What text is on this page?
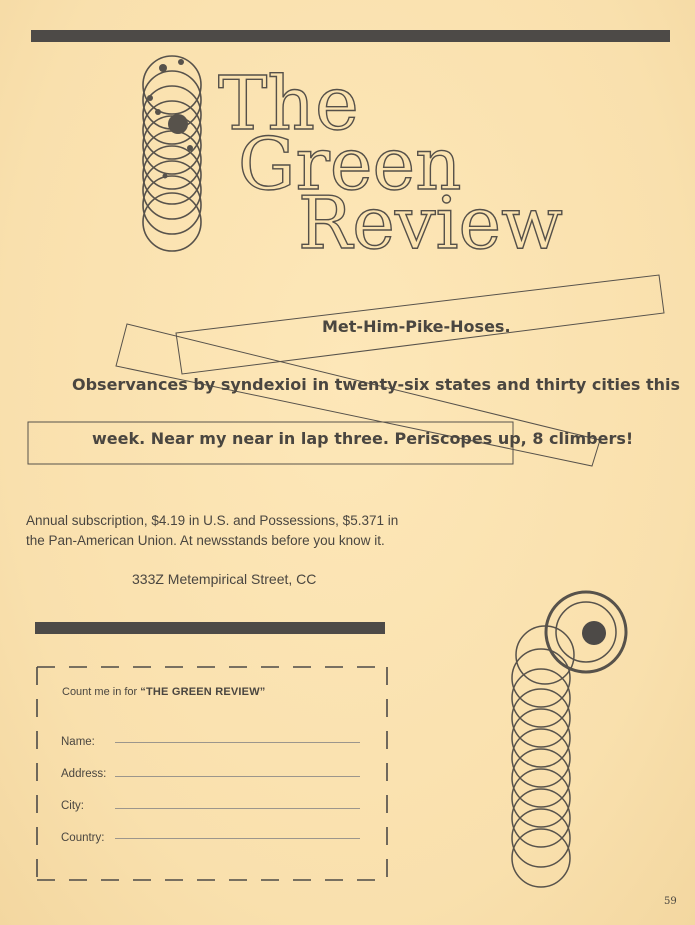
The
Green
Review
Met-Him-Pike-Hoses.
Observances by syndexioi in twenty-six states and thirty cities this
week. Near my near in lap three. Periscopes up, 8 climbers!
Annual subscription, $4.19 in U.S. and Possessions, $5.371 in
the Pan-American Union. At newsstands before you know it.
333Z Metempirical Street, CC
Count me in for “THE GREEN REVIEW”
Name:
Address:
City:
Country:
59
